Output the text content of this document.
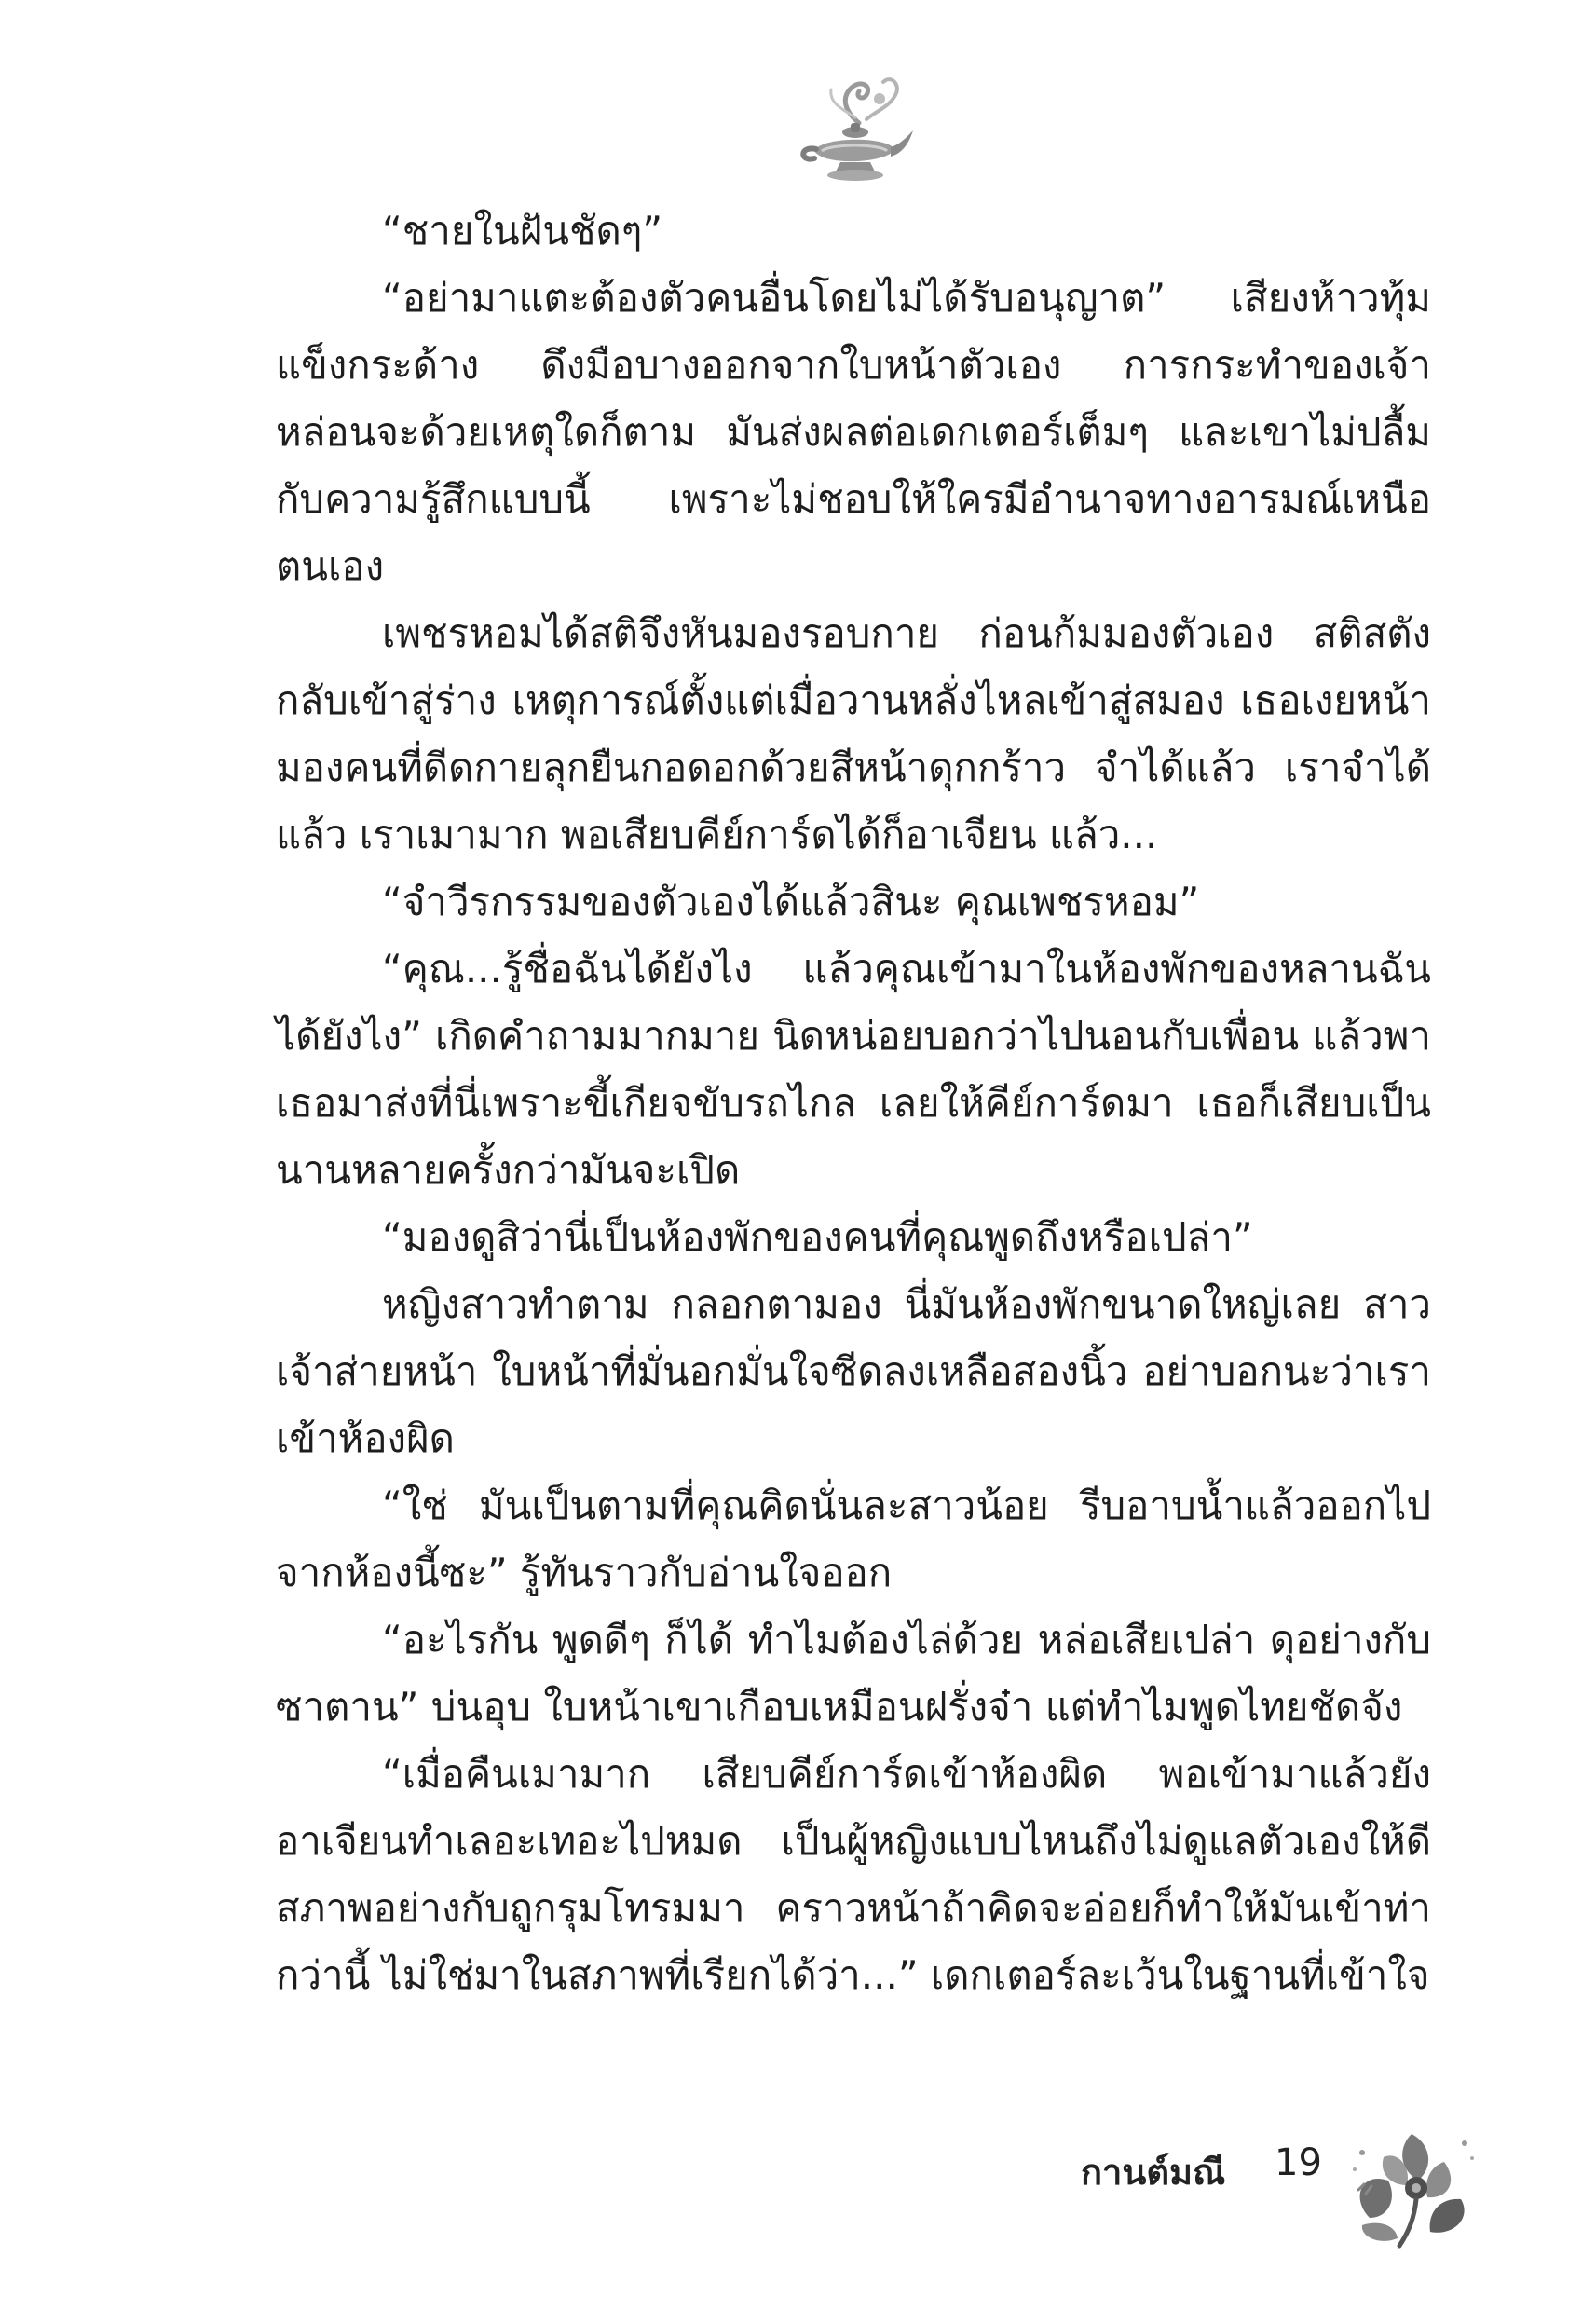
“ชายในฝันชัดๆ”

“อย่ามาแตะต้องตัวคนอื่นโดยไม่ได้รับอนุญาต” เสียงห้าวทุ้มแข็งกระด้าง ดึงมือบางออกจากใบหน้าตัวเอง การกระทำของเจ้าหล่อนจะด้วยเหตุใดก็ตาม มันส่งผลต่อเดกเตอร์เต็มๆ และเขาไม่ปลื้มกับความรู้สึกแบบนี้ เพราะไม่ชอบให้ใครมีอำนาจทางอารมณ์เหนือตนเอง

เพชรหอมได้สติจึงหันมองรอบกาย ก่อนก้มมองตัวเอง สติสตังกลับเข้าสู่ร่าง เหตุการณ์ตั้งแต่เมื่อวานหลั่งไหลเข้าสู่สมอง เธอเงยหน้ามองคนที่ดีดกายลุกยืนกอดอกด้วยสีหน้าดุกกร้าว จำได้แล้ว เราจำได้แล้ว เราเมามาก พอเสียบคีย์การ์ดได้ก็อาเจียน แล้ว...

“จำวีรกรรมของตัวเองได้แล้วสินะ คุณเพชรหอม”

“คุณ...รู้ชื่อฉันได้ยังไง แล้วคุณเข้ามาในห้องพักของหลานฉันได้ยังไง” เกิดคำถามมากมาย นิดหน่อยบอกว่าไปนอนกับเพื่อน แล้วพาเธอมาส่งที่นี่เพราะขี้เกียจขับรถไกล เลยให้คีย์การ์ดมา เธอก็เสียบเป็นนานหลายครั้งกว่ามันจะเปิด

“มองดูสิว่านี่เป็นห้องพักของคนที่คุณพูดถึงหรือเปล่า”

หญิงสาวทำตาม กลอกตามอง นี่มันห้องพักขนาดใหญ่เลย สาวเจ้าส่ายหน้า ใบหน้าที่มั่นอกมั่นใจซีดลงเหลือสองนิ้ว อย่าบอกนะว่าเราเข้าห้องผิด

“ใช่ มันเป็นตามที่คุณคิดนั่นละสาวน้อย รีบอาบน้ำแล้วออกไปจากห้องนี้ซะ” รู้ทันราวกับอ่านใจออก

“อะไรกัน พูดดีๆ ก็ได้ ทำไมต้องไล่ด้วย หล่อเสียเปล่า ดุอย่างกับซาตาน” บ่นอุบ ใบหน้าเขาเกือบเหมือนฝรั่งจ๋า แต่ทำไมพูดไทยชัดจัง

“เมื่อคืนเมามาก เสียบคีย์การ์ดเข้าห้องผิด พอเข้ามาแล้วยังอาเจียนทำเลอะเทอะไปหมด เป็นผู้หญิงแบบไหนถึงไม่ดูแลตัวเองให้ดี สภาพอย่างกับถูกรุมโทรมมา คราวหน้าถ้าคิดจะอ่อยก็ทำให้มันเข้าท่ากว่านี้ ไม่ใช่มาในสภาพที่เรียกได้ว่า...” เดกเตอร์ละเว้นในฐานที่เข้าใจ

กานต์มณี 19
